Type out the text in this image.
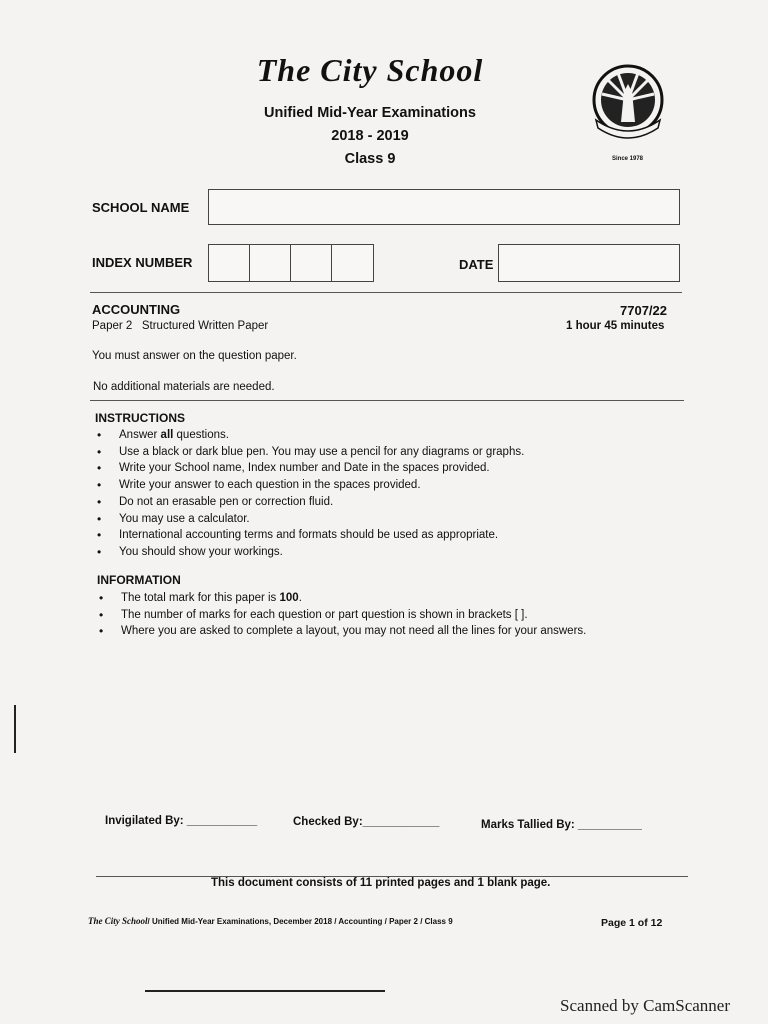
The City School
Unified Mid-Year Examinations
2018 - 2019
Class 9	Since 1978
SCHOOL NAME
INDEX NUMBER	DATE
ACCOUNTING	7707/22
Paper 2   Structured Written Paper	1 hour 45 minutes
You must answer on the question paper.
No additional materials are needed.
INSTRUCTIONS
• Answer all questions.
• Use a black or dark blue pen. You may use a pencil for any diagrams or graphs.
• Write your School name, Index number and Date in the spaces provided.
• Write your answer to each question in the spaces provided.
• Do not an erasable pen or correction fluid.
• You may use a calculator.
• International accounting terms and formats should be used as appropriate.
• You should show your workings.
INFORMATION
• The total mark for this paper is 100.
• The number of marks for each question or part question is shown in brackets [ ].
• Where you are asked to complete a layout, you may not need all the lines for your answers.
Invigilated By: ___________	Checked By:____________	Marks Tallied By: __________
This document consists of 11 printed pages and 1 blank page.
The City School/ Unified Mid-Year Examinations, December 2018 / Accounting / Paper 2 / Class 9	Page 1 of 12
Scanned by CamScanner
